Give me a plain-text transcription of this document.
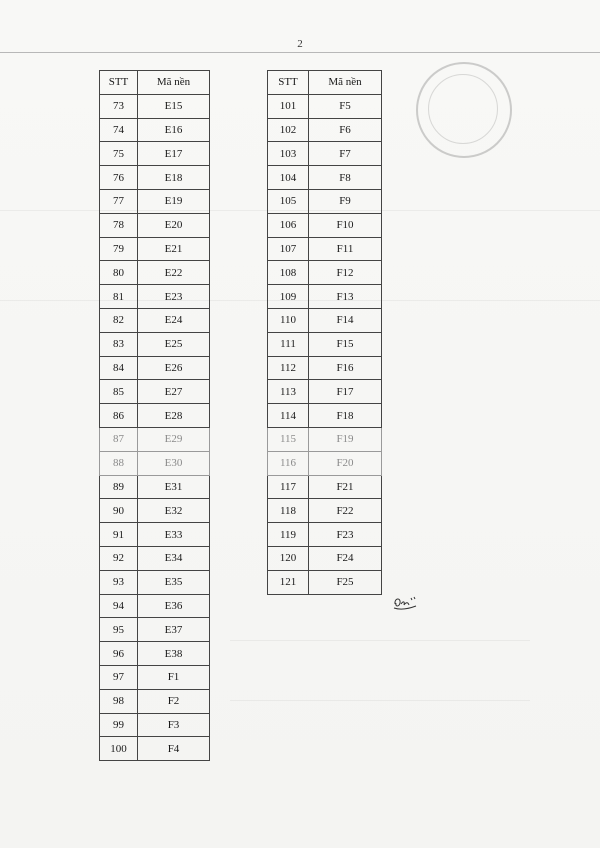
2
STT	Mã nền
73	E15
74	E16
75	E17
76	E18
77	E19
78	E20
79	E21
80	E22
81	E23
82	E24
83	E25
84	E26
85	E27
86	E28
87	E29
88	E30
89	E31
90	E32
91	E33
92	E34
93	E35
94	E36
95	E37
96	E38
97	F1
98	F2
99	F3
100	F4
STT	Mã nền
101	F5
102	F6
103	F7
104	F8
105	F9
106	F10
107	F11
108	F12
109	F13
110	F14
111	F15
112	F16
113	F17
114	F18
115	F19
116	F20
117	F21
118	F22
119	F23
120	F24
121	F25
